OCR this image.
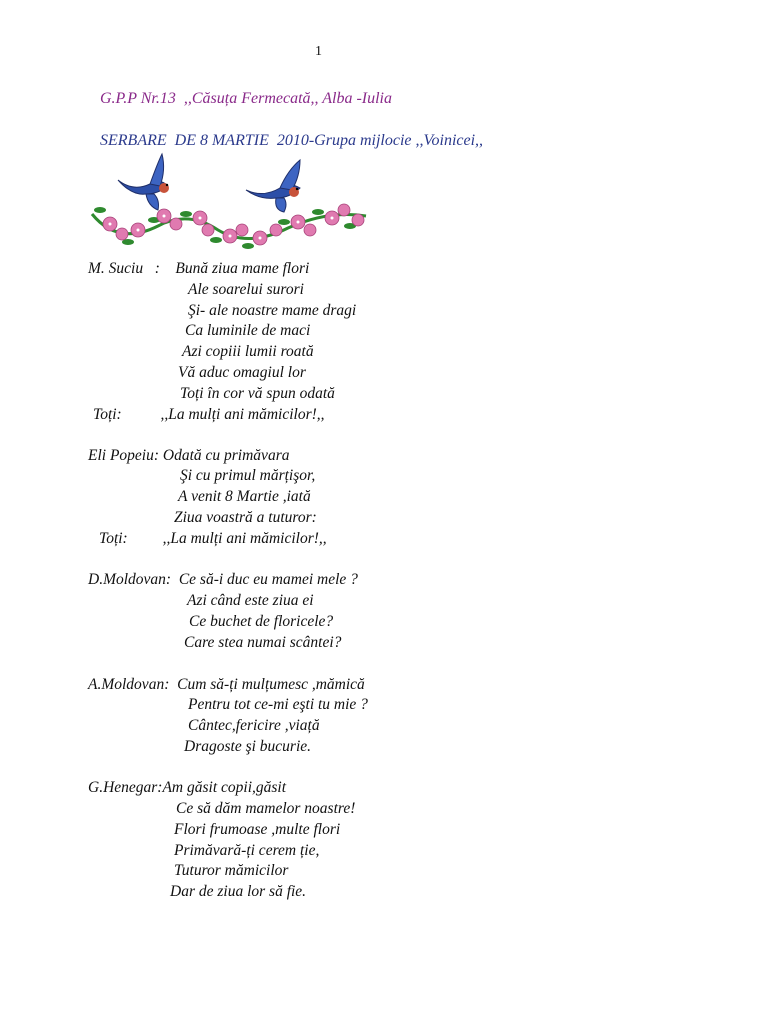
1
G.P.P Nr.13  ,,Căsuța Fermecată,, Alba -Iulia
SERBARE  DE 8 MARTIE  2010-Grupa mijlocie ,,Voinicei,,
M. Suciu   :    Bună ziua mame flori
Ale soarelui surori
Şi- ale noastre mame dragi
Ca luminile de maci
Azi copiii lumii roată
Vă aduc omagiul lor
Toți în cor vă spun odată
Toți:          ,,La mulți ani mămicilor!,,
Eli Popeiu: Odată cu primăvara
Şi cu primul mărțişor,
A venit 8 Martie ,iată
Ziua voastră a tuturor:
Toți:         ,,La mulți ani mămicilor!,,
D.Moldovan:  Ce să-i duc eu mamei mele ?
Azi când este ziua ei
Ce buchet de floricele?
Care stea numai scântei?
A.Moldovan:  Cum să-ți mulțumesc ,mămică
Pentru tot ce-mi eşti tu mie ?
Cântec,fericire ,viață
Dragoste şi bucurie.
G.Henegar:Am găsit copii,găsit
Ce să dăm mamelor noastre!
Flori frumoase ,multe flori
Primăvară-ți cerem ție,
Tuturor mămicilor
Dar de ziua lor să fie.
